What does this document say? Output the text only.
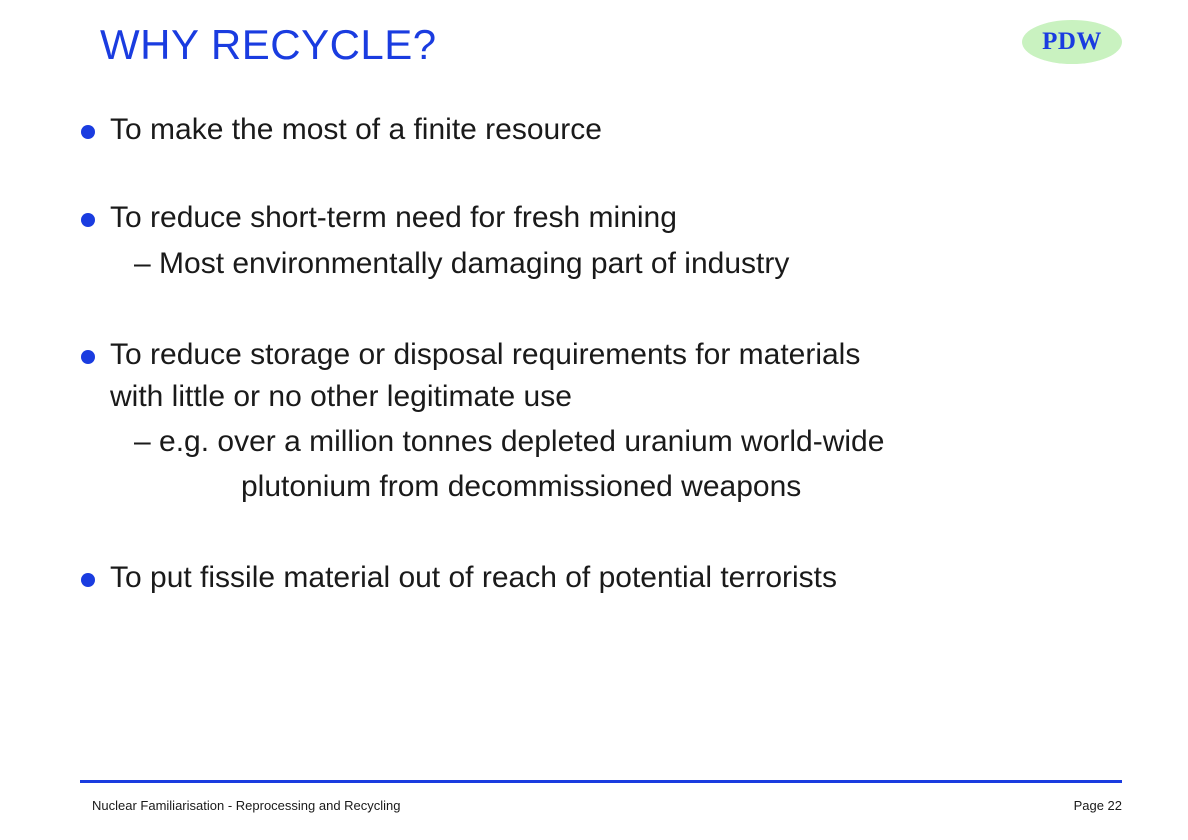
WHY RECYCLE?	PDW
To make the most of a finite resource
To reduce short-term need for fresh mining
– Most environmentally damaging part of industry
To reduce storage or disposal requirements for materials
with little or no other legitimate use
– e.g. over a million tonnes depleted uranium world-wide
plutonium from decommissioned weapons
To put fissile material out of reach of potential terrorists
Nuclear Familiarisation - Reprocessing and Recycling	Page 22
